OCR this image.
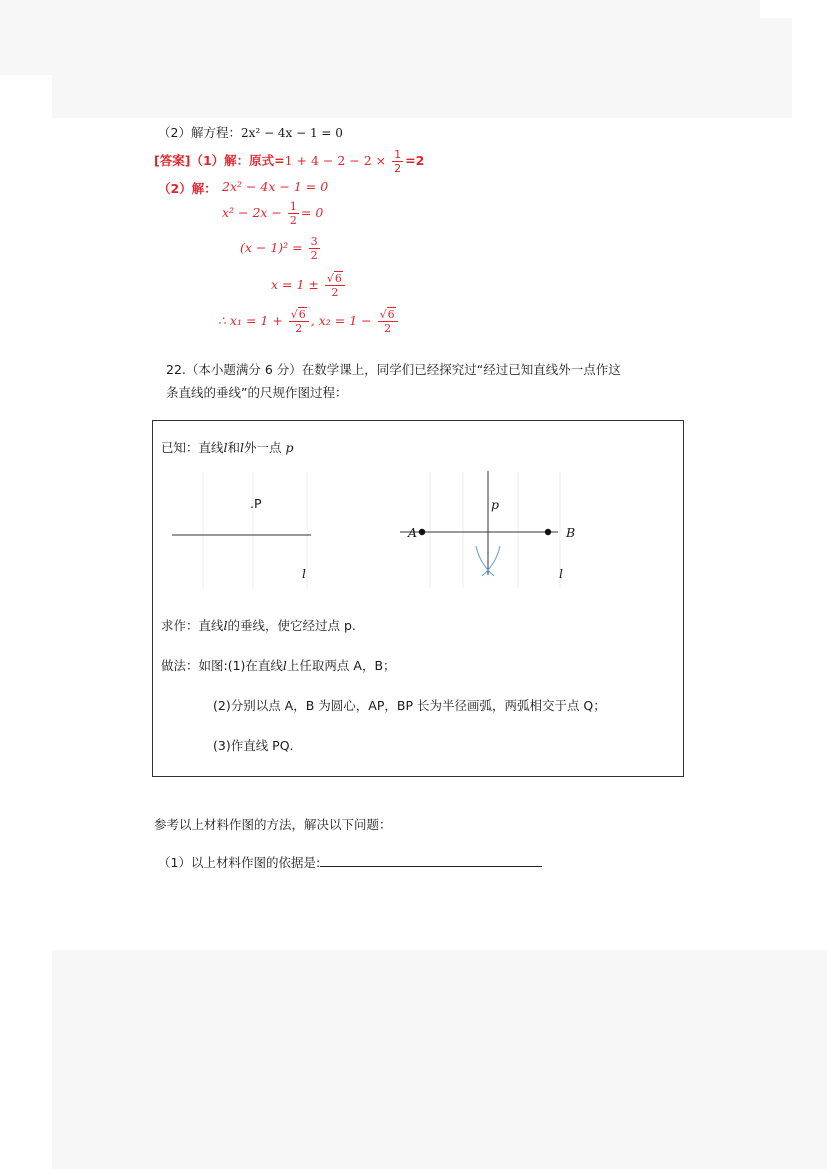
（2）解方程：2x² − 4x − 1 = 0
[答案]（1）解：原式$=1 + 4 - 2 - 2 \times \frac{1}{2} =2$
（2）解： 2x² − 4x − 1 = 0
$x^2 - 2x - \frac{1}{2} = 0$
$(x - 1)^2 = \frac{3}{2}$
$x = 1 \pm \frac{√6}{2}$
∴ $x_1 = 1 + \frac{√6}{2}$ , $x_2 = 1 - \frac{√6}{2}$
22.（本小题满分 6 分）在数学课上，同学们已经探究过“经过已知直线外一点作这
条直线的垂线”的尺规作图过程：
已知：直线l和l外一点 p
.P
l
p
A	B
l
求作：直线l的垂线，使它经过点 p.
做法：如图:(1)在直线l上任取两点 A，B；
(2)分别以点 A，B 为圆心，AP，BP 长为半径画弧，两弧相交于点 Q；
(3)作直线 PQ.
参考以上材料作图的方法，解决以下问题：
（1）以上材料作图的依据是:
